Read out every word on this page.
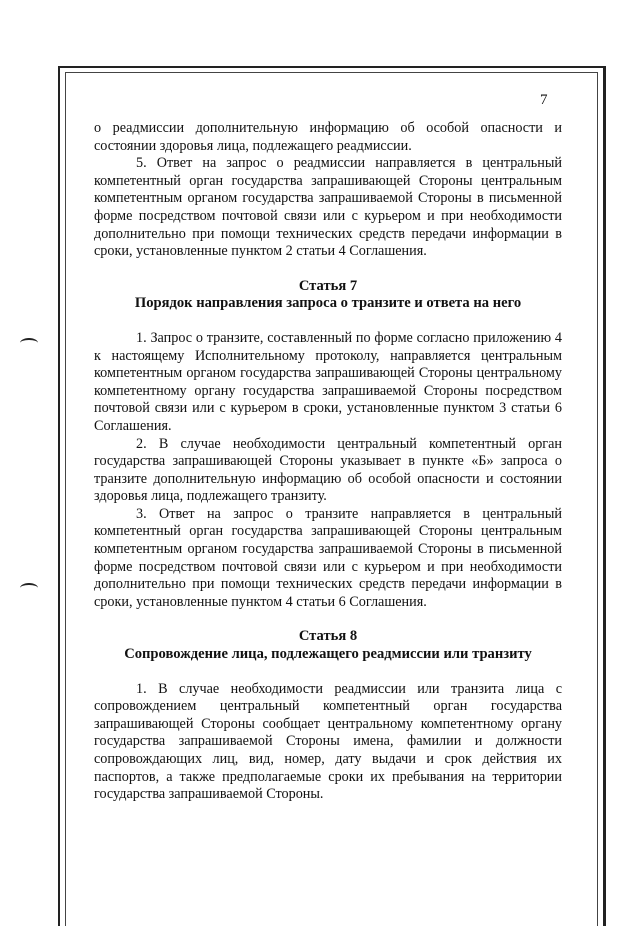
7

о реадмиссии дополнительную информацию об особой опасности и состоянии здоровья лица, подлежащего реадмиссии.

5. Ответ на запрос о реадмиссии направляется в центральный компетентный орган государства запрашивающей Стороны центральным компетентным органом государства запрашиваемой Стороны в письменной форме посредством почтовой связи или с курьером и при необходимости дополнительно при помощи технических средств передачи информации в сроки, установленные пунктом 2 статьи 4 Соглашения.

Статья 7
Порядок направления запроса о транзите и ответа на него

1. Запрос о транзите, составленный по форме согласно приложению 4 к настоящему Исполнительному протоколу, направляется центральным компетентным органом государства запрашивающей Стороны центральному компетентному органу государства запрашиваемой Стороны посредством почтовой связи или с курьером в сроки, установленные пунктом 3 статьи 6 Соглашения.

2. В случае необходимости центральный компетентный орган государства запрашивающей Стороны указывает в пункте «Б» запроса о транзите дополнительную информацию об особой опасности и состоянии здоровья лица, подлежащего транзиту.

3. Ответ на запрос о транзите направляется в центральный компетентный орган государства запрашивающей Стороны центральным компетентным органом государства запрашиваемой Стороны в письменной форме посредством почтовой связи или с курьером и при необходимости дополнительно при помощи технических средств передачи информации в сроки, установленные пунктом 4 статьи 6 Соглашения.

Статья 8
Сопровождение лица, подлежащего реадмиссии или транзиту

1. В случае необходимости реадмиссии или транзита лица с сопровождением центральный компетентный орган государства запрашивающей Стороны сообщает центральному компетентному органу государства запрашиваемой Стороны имена, фамилии и должности сопровождающих лиц, вид, номер, дату выдачи и срок действия их паспортов, а также предполагаемые сроки их пребывания на территории государства запрашиваемой Стороны.
